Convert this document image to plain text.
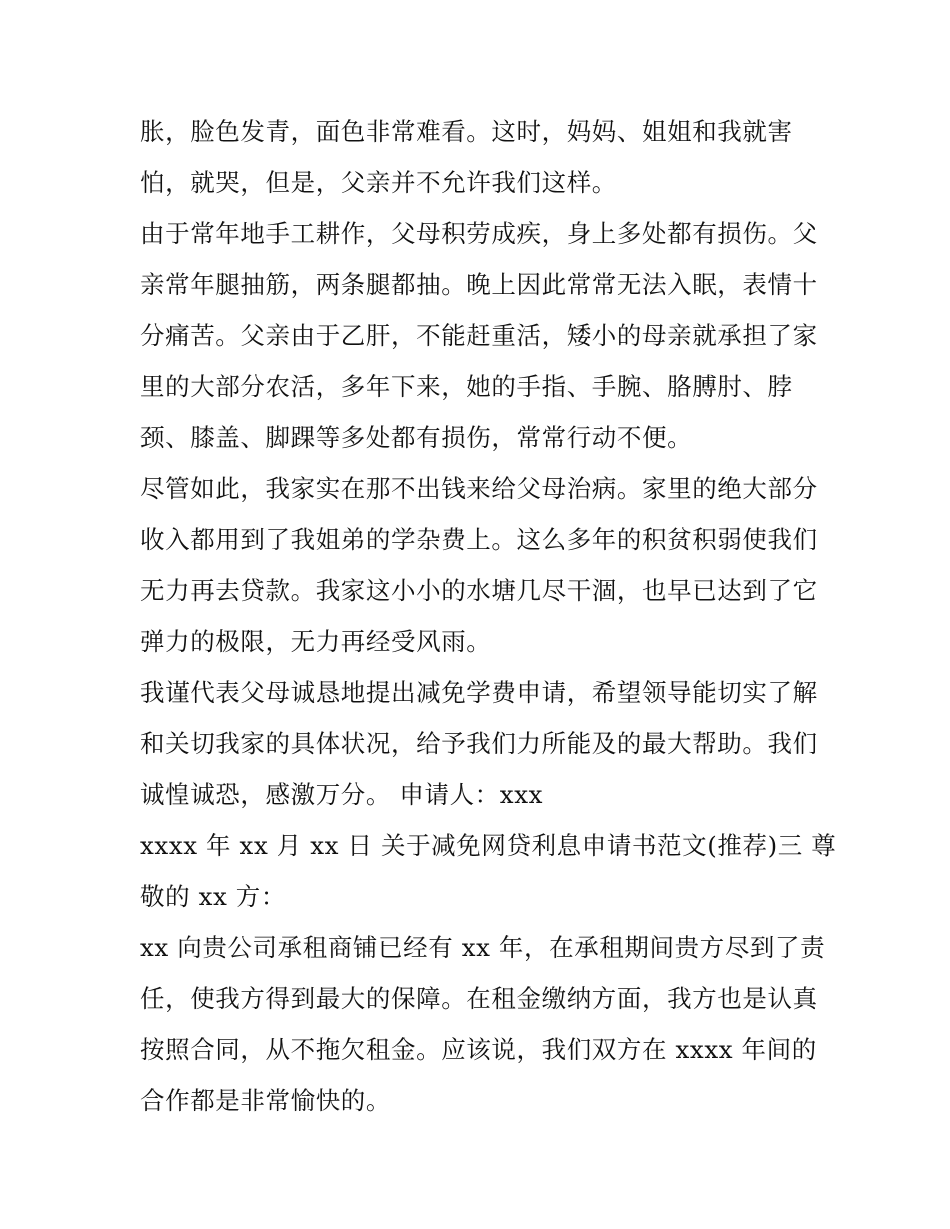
胀，脸色发青，面色非常难看。这时，妈妈、姐姐和我就害
怕，就哭，但是，父亲并不允许我们这样。
由于常年地手工耕作，父母积劳成疾，身上多处都有损伤。父
亲常年腿抽筋，两条腿都抽。晚上因此常常无法入眠，表情十
分痛苦。父亲由于乙肝，不能赶重活，矮小的母亲就承担了家
里的大部分农活，多年下来，她的手指、手腕、胳膊肘、脖
颈、膝盖、脚踝等多处都有损伤，常常行动不便。
尽管如此，我家实在那不出钱来给父母治病。家里的绝大部分
收入都用到了我姐弟的学杂费上。这么多年的积贫积弱使我们
无力再去贷款。我家这小小的水塘几尽干涸，也早已达到了它
弹力的极限，无力再经受风雨。
我谨代表父母诚恳地提出减免学费申请，希望领导能切实了解
和关切我家的具体状况，给予我们力所能及的最大帮助。我们
诚惶诚恐，感激万分。 申请人：xxx
xxxx 年 xx 月 xx 日 关于减免网贷利息申请书范文(推荐)三 尊
敬的 xx 方：
xx 向贵公司承租商铺已经有 xx 年，在承租期间贵方尽到了责
任，使我方得到最大的保障。在租金缴纳方面，我方也是认真
按照合同，从不拖欠租金。应该说，我们双方在 xxxx 年间的
合作都是非常愉快的。
